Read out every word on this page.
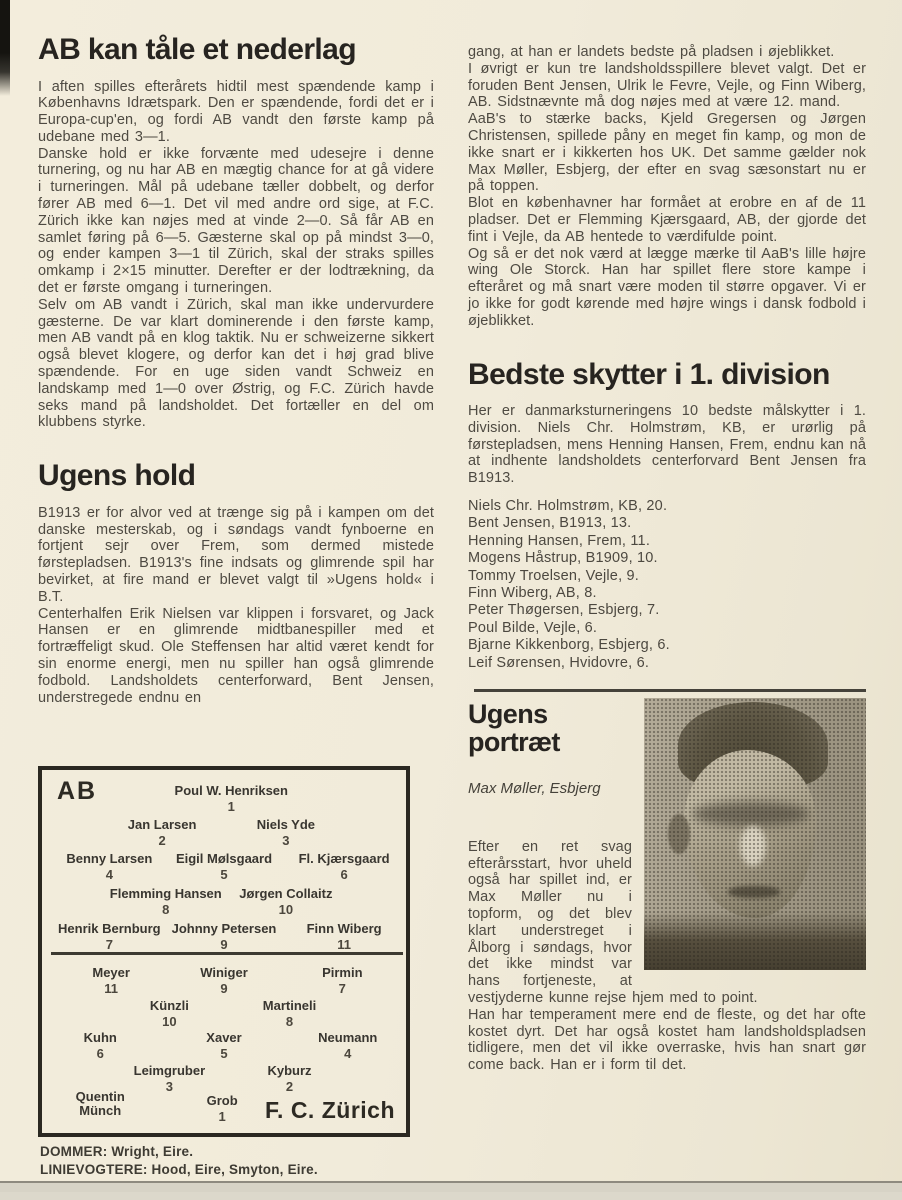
AB kan tåle et nederlag

I aften spilles efterårets hidtil mest spændende kamp i Københavns Idrætspark. Den er spændende, fordi det er i Europa-cup'en, og fordi AB vandt den første kamp på udebane med 3—1.

Danske hold er ikke forvænte med udesejre i denne turnering, og nu har AB en mægtig chance for at gå videre i turneringen. Mål på udebane tæller dobbelt, og derfor fører AB med 6—1. Det vil med andre ord sige, at F.C. Zürich ikke kan nøjes med at vinde 2—0. Så får AB en samlet føring på 6—5. Gæsterne skal op på mindst 3—0, og ender kampen 3—1 til Zürich, skal der straks spilles omkamp i 2×15 minutter. Derefter er der lodtrækning, da det er første omgang i turneringen.

Selv om AB vandt i Zürich, skal man ikke undervurdere gæsterne. De var klart dominerende i den første kamp, men AB vandt på en klog taktik. Nu er schweizerne sikkert også blevet klogere, og derfor kan det i høj grad blive spændende. For en uge siden vandt Schweiz en landskamp med 1—0 over Østrig, og F.C. Zürich havde seks mand på landsholdet. Det fortæller en del om klubbens styrke.

Ugens hold

B1913 er for alvor ved at trænge sig på i kampen om det danske mesterskab, og i søndags vandt fynboerne en fortjent sejr over Frem, som dermed mistede førstepladsen. B1913's fine indsats og glimrende spil har bevirket, at fire mand er blevet valgt til »Ugens hold« i B.T.

Centerhalfen Erik Nielsen var klippen i forsvaret, og Jack Hansen er en glimrende midtbanespiller med et fortræffeligt skud. Ole Steffensen har altid været kendt for sin enorme energi, men nu spiller han også glimrende fodbold. Landsholdets centerforward, Bent Jensen, understregede endnu en

AB	Poul W. Henriksen
1
Jan Larsen
2
Niels Yde
3
Benny Larsen
4
Eigil Mølsgaard
5
Fl. Kjærsgaard
6
Flemming Hansen
8
Jørgen Collaitz
10
Henrik Bernburg
7
Johnny Petersen
9
Finn Wiberg
11
Meyer
11
Winiger
9
Pirmin
7
Künzli
10
Martineli
8
Kuhn
6
Xaver
5
Neumann
4
Leimgruber
3
Kyburz
2
Quentin Münch
Grob
1	F. C. Zürich
DOMMER: Wright, Eire.
LINIEVOGTERE: Hood, Eire, Smyton, Eire.

gang, at han er landets bedste på pladsen i øjeblikket.

I øvrigt er kun tre landsholdsspillere blevet valgt. Det er foruden Bent Jensen, Ulrik le Fevre, Vejle, og Finn Wiberg, AB. Sidstnævnte må dog nøjes med at være 12. mand.

AaB's to stærke backs, Kjeld Gregersen og Jørgen Christensen, spillede påny en meget fin kamp, og mon de ikke snart er i kikkerten hos UK. Det samme gælder nok Max Møller, Esbjerg, der efter en svag sæsonstart nu er på toppen.

Blot en københavner har formået at erobre en af de 11 pladser. Det er Flemming Kjærsgaard, AB, der gjorde det fint i Vejle, da AB hentede to værdifulde point.

Og så er det nok værd at lægge mærke til AaB's lille højre wing Ole Storck. Han har spillet flere store kampe i efteråret og må snart være moden til større opgaver. Vi er jo ikke for godt kørende med højre wings i dansk fodbold i øjeblikket.

Bedste skytter i 1. division

Her er danmarksturneringens 10 bedste målskytter i 1. division. Niels Chr. Holmstrøm, KB, er urørlig på førstepladsen, mens Henning Hansen, Frem, endnu kan nå at indhente landsholdets centerforvard Bent Jensen fra B1913.

Niels Chr. Holmstrøm, KB, 20.
Bent Jensen, B1913, 13.
Henning Hansen, Frem, 11.
Mogens Håstrup, B1909, 10.
Tommy Troelsen, Vejle, 9.
Finn Wiberg, AB, 8.
Peter Thøgersen, Esbjerg, 7.
Poul Bilde, Vejle, 6.
Bjarne Kikkenborg, Esbjerg, 6.
Leif Sørensen, Hvidovre, 6.
Ugens portræt
Max Møller, Esbjerg

Efter en ret svag efterårsstart, hvor uheld også har spillet ind, er Max Møller nu i topform, og det blev klart understreget i Ålborg i søndags, hvor det ikke mindst var hans fortjeneste, at vestjyderne kunne rejse hjem med to point.

Han har temperament mere end de fleste, og det har ofte kostet dyrt. Det har også kostet ham landsholdspladsen tidligere, men det vil ikke overraske, hvis han snart gør come back. Han er i form til det.
